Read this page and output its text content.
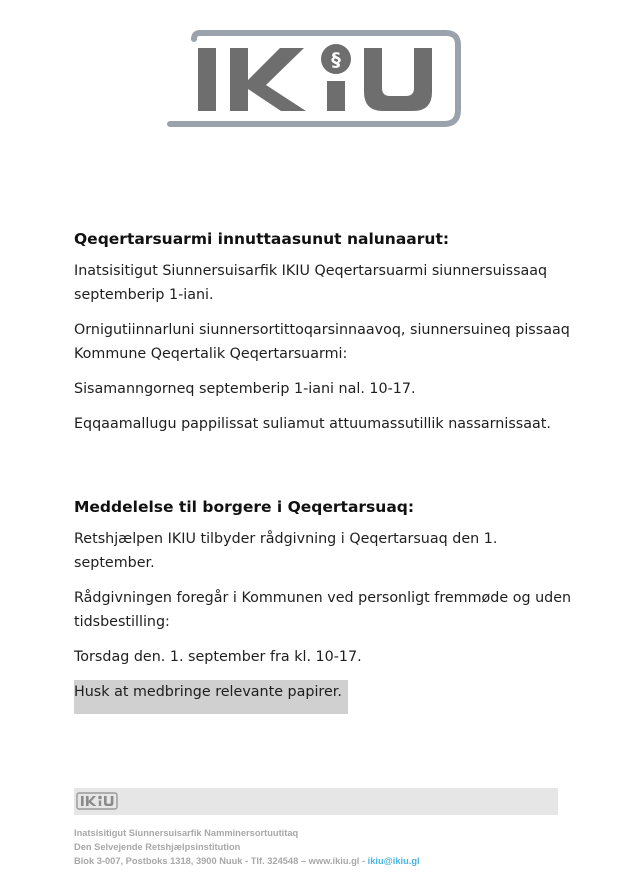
§
Qeqertarsuarmi innuttaasunut nalunaarut:

Inatsisitigut Siunnersuisarfik IKIU Qeqertarsuarmi siunnersuissaaq septemberip 1-iani.

Ornigutiinnarluni siunnersortittoqarsinnaavoq, siunnersuineq pissaaq Kommune Qeqertalik Qeqertarsuarmi:

Sisamanngorneq septemberip 1-iani nal. 10-17.

Eqqaamallugu pappilissat suliamut attuumassutillik nassarnissaat.

Meddelelse til borgere i Qeqertarsuaq:

Retshjælpen IKIU tilbyder rådgivning i Qeqertarsuaq den 1. september.

Rådgivningen foregår i Kommunen ved personligt fremmøde og uden tidsbestilling:

Torsdag den. 1. september fra kl. 10-17.

Husk at medbringe relevante papirer.

Inatsisitigut Siunnersuisarfik Namminersortuutitaq
Den Selvejende Retshjælpsinstitution
Blok 3-007, Postboks 1318, 3900 Nuuk - Tlf. 324548 – www.ikiu.gl - ikiu@ikiu.gl
